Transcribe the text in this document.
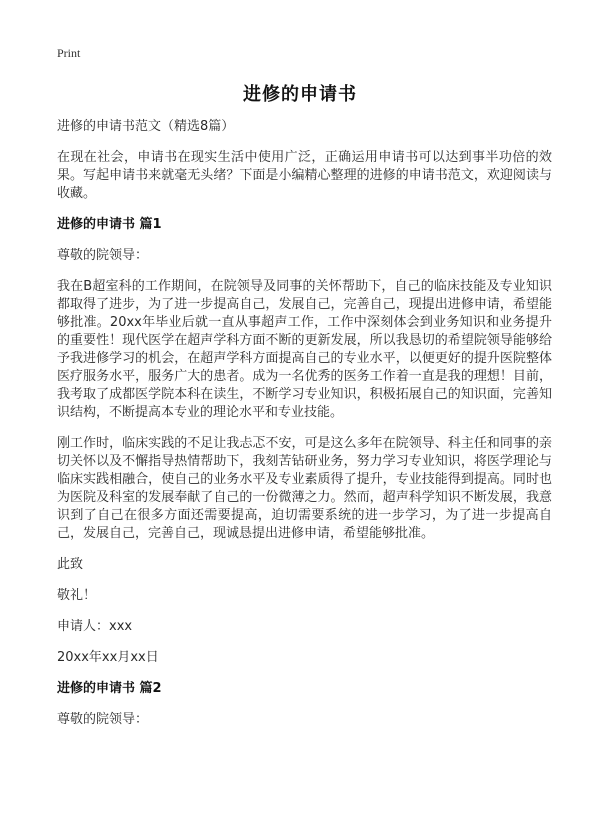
Print
进修的申请书

进修的申请书范文（精选8篇）

在现在社会，申请书在现实生活中使用广泛，正确运用申请书可以达到事半功倍的效果。写起申请书来就毫无头绪？下面是小编精心整理的进修的申请书范文，欢迎阅读与收藏。

进修的申请书 篇1

尊敬的院领导：

我在B超室科的工作期间，在院领导及同事的关怀帮助下，自己的临床技能及专业知识都取得了进步，为了进一步提高自己，发展自己，完善自己，现提出进修申请，希望能够批准。20xx年毕业后就一直从事超声工作，工作中深刻体会到业务知识和业务提升的重要性！现代医学在超声学科方面不断的更新发展，所以我恳切的希望院领导能够给予我进修学习的机会，在超声学科方面提高自己的专业水平，以便更好的提升医院整体医疗服务水平，服务广大的患者。成为一名优秀的医务工作着一直是我的理想！目前，我考取了成都医学院本科在读生，不断学习专业知识，积极拓展自己的知识面，完善知识结构，不断提高本专业的理论水平和专业技能。

刚工作时，临床实践的不足让我忐忑不安，可是这么多年在院领导、科主任和同事的亲切关怀以及不懈指导热情帮助下，我刻苦钻研业务，努力学习专业知识，将医学理论与临床实践相融合，使自己的业务水平及专业素质得了提升，专业技能得到提高。同时也为医院及科室的发展奉献了自己的一份微薄之力。然而，超声科学知识不断发展，我意识到了自己在很多方面还需要提高，迫切需要系统的进一步学习，为了进一步提高自己，发展自己，完善自己，现诚恳提出进修申请，希望能够批准。

此致

敬礼！

申请人：xxx

20xx年xx月xx日

进修的申请书 篇2

尊敬的院领导：
